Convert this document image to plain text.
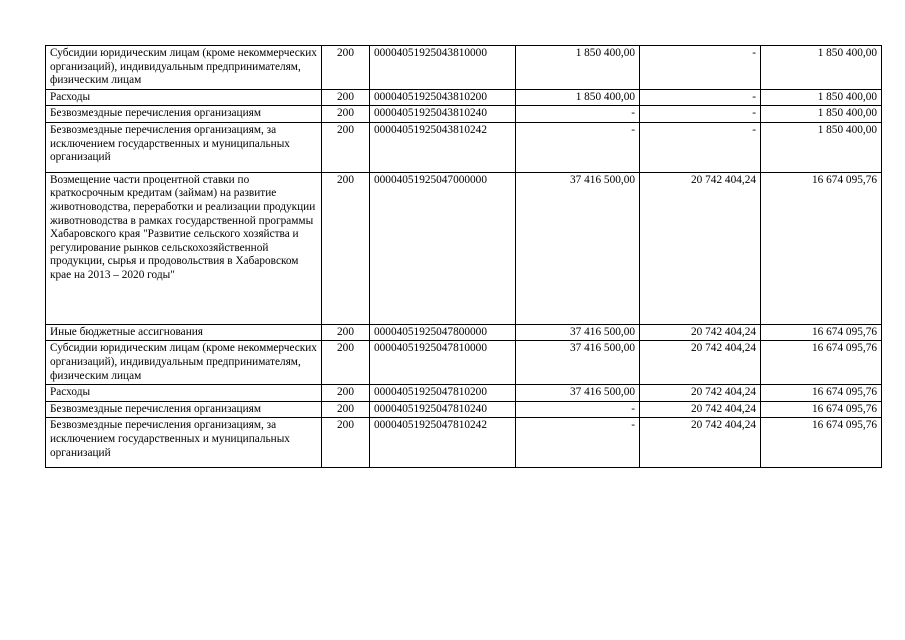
Субсидии юридическим лицам (кроме некоммерческих организаций), индивидуальным предпринимателям, физическим лицам	200	00004051925043810000	1 850 400,00	-	1 850 400,00
Расходы	200	00004051925043810200	1 850 400,00	-	1 850 400,00
Безвозмездные перечисления организациям	200	00004051925043810240	-	-	1 850 400,00
Безвозмездные перечисления организациям, за исключением государственных и муниципальных организаций	200	00004051925043810242	-	-	1 850 400,00
Возмещение части процентной ставки по краткосрочным кредитам (займам) на развитие животноводства, переработки и реализации продукции животноводства в рамках государственной программы Хабаровского края "Развитие сельского хозяйства и регулирование рынков сельскохозяйственной продукции, сырья и продовольствия в Хабаровском крае на 2013 – 2020 годы"	200	00004051925047000000	37 416 500,00	20 742 404,24	16 674 095,76
Иные бюджетные ассигнования	200	00004051925047800000	37 416 500,00	20 742 404,24	16 674 095,76
Субсидии юридическим лицам (кроме некоммерческих организаций), индивидуальным предпринимателям, физическим лицам	200	00004051925047810000	37 416 500,00	20 742 404,24	16 674 095,76
Расходы	200	00004051925047810200	37 416 500,00	20 742 404,24	16 674 095,76
Безвозмездные перечисления организациям	200	00004051925047810240	-	20 742 404,24	16 674 095,76
Безвозмездные перечисления организациям, за исключением государственных и муниципальных организаций	200	00004051925047810242	-	20 742 404,24	16 674 095,76
